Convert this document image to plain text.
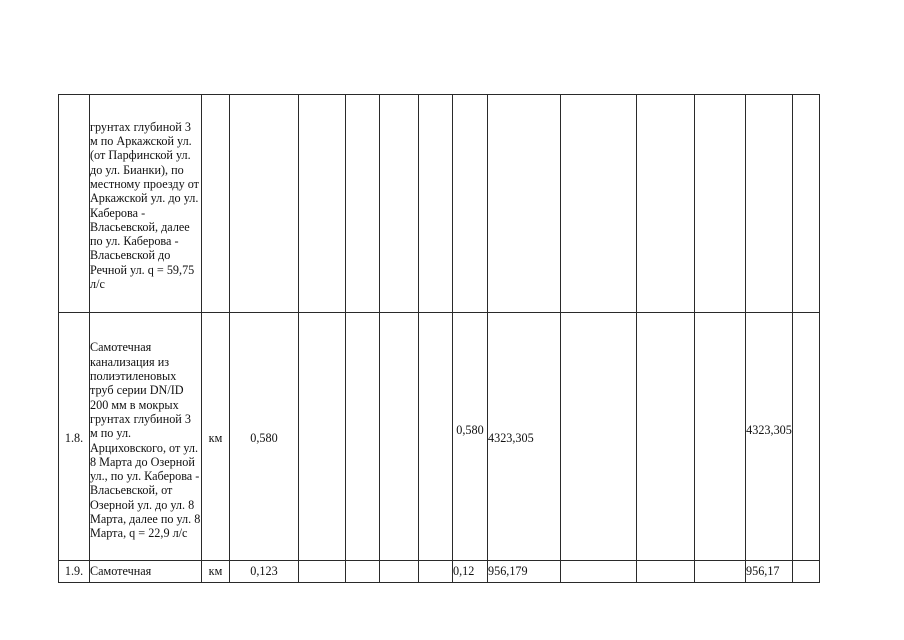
	грунтах глубиной 3 м по Аркажской ул. (от Парфинской ул. до ул. Бианки), по местному проезду от Аркажской ул. до ул. Каберова - Власьевской, далее по ул. Каберова - Власьевской до Речной ул. q = 59,75 л/с													
1.8.	Самотечная канализация из полиэтиленовых труб серии DN/ID 200 мм в мокрых грунтах глубиной 3 м по ул. Арциховского, от ул. 8 Марта до Озерной ул., по ул. Каберова - Власьевской, от Озерной ул. до ул. 8 Марта, далее по ул. 8 Марта, q = 22,9 л/с	км	0,580					0,580	4323,305				4323,305	
1.9.	Самотечная	км	0,123					0,12	956,179				956,17	
